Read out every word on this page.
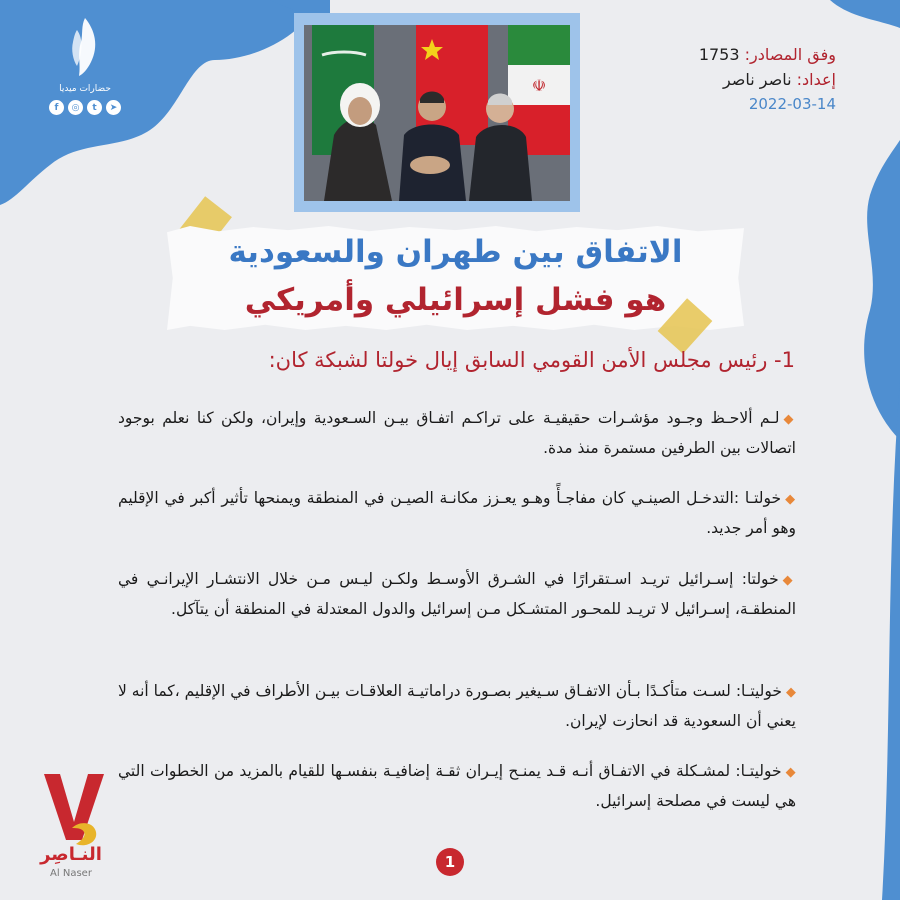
حضارات ميديا
f	◎	t	➤
☫
وفق المصادر: 1753
إعداد: ناصر ناصر
2022-03-14
الاتفاق بين طهران والسعودية
هو فشل إسرائيلي وأمريكي
1- رئيس مجلس الأمن القومي السابق إيال خولتا لشبكة كان:
◆لـم ألاحـظ وجـود مؤشـرات حقيقيـة على تراكـم اتفـاق بيـن السـعودية وإيران، ولكن كنا نعلم بوجود اتصالات بين الطرفين مستمرة منذ مدة.
◆خولتـا :التدخـل الصينـي كان مفاجـأً وهـو يعـزز مكانـة الصيـن في المنطقة ويمنحها تأثير أكبر في الإقليم وهو أمر جديد.
◆خولتا: إسـرائيل تريـد اسـتقرارًا في الشـرق الأوسـط ولكـن ليـس مـن خلال الانتشـار الإيرانـي في المنطقـة، إسـرائيل لا تريـد للمحـور المتشـكل مـن إسرائيل والدول المعتدلة في المنطقة أن يتآكل.
◆خوليتـا: لسـت متأكـدًا بـأن الاتفـاق سـيغير بصـورة دراماتيـة العلاقـات بيـن الأطراف في الإقليم ،كما أنه لا يعني أن السعودية قد انحازت لإيران.
◆خوليتـا: لمشـكلة في الاتفـاق أنـه قـد يمنـح إيـران ثقـة إضافيـة بنفسـها للقيام بالمزيد من الخطوات التي هي ليست في مصلحة إسرائيل.
النـاصِر
Al Naser
1
